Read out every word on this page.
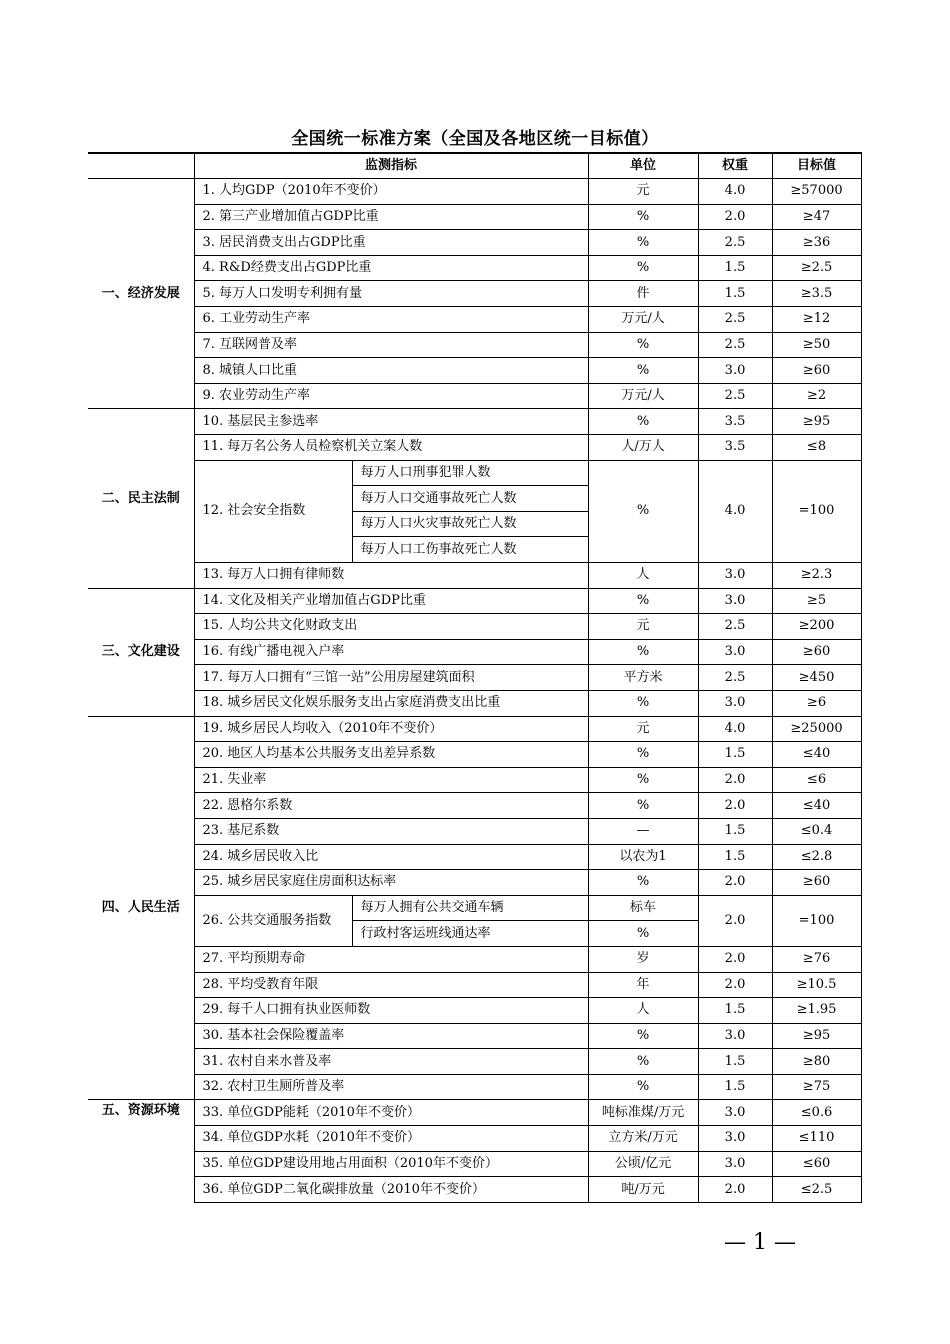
全国统一标准方案（全国及各地区统一目标值）
	监测指标		单位	权重	目标值
一、经济发展	1. 人均GDP（2010年不变价）		元	4.0	≥57000
	2. 第三产业增加值占GDP比重		%	2.0	≥47
	3. 居民消费支出占GDP比重		%	2.5	≥36
	4. R&D经费支出占GDP比重		%	1.5	≥2.5
	5. 每万人口发明专利拥有量		件	1.5	≥3.5
	6. 工业劳动生产率		万元/人	2.5	≥12
	7. 互联网普及率		%	2.5	≥50
	8. 城镇人口比重		%	3.0	≥60
	9. 农业劳动生产率		万元/人	2.5	≥2
二、民主法制	10. 基层民主参选率		%	3.5	≥95
	11. 每万名公务人员检察机关立案人数		人/万人	3.5	≤8
	12. 社会安全指数	每万人口刑事犯罪人数	%	4.0	=100
		每万人口交通事故死亡人数			
		每万人口火灾事故死亡人数			
		每万人口工伤事故死亡人数			
	13. 每万人口拥有律师数		人	3.0	≥2.3
三、文化建设	14. 文化及相关产业增加值占GDP比重		%	3.0	≥5
	15. 人均公共文化财政支出		元	2.5	≥200
	16. 有线广播电视入户率		%	3.0	≥60
	17. 每万人口拥有“三馆一站”公用房屋建筑面积		平方米	2.5	≥450
	18. 城乡居民文化娱乐服务支出占家庭消费支出比重		%	3.0	≥6
四、人民生活	19. 城乡居民人均收入（2010年不变价）		元	4.0	≥25000
	20. 地区人均基本公共服务支出差异系数		%	1.5	≤40
	21. 失业率		%	2.0	≤6
	22. 恩格尔系数		%	2.0	≤40
	23. 基尼系数		—	1.5	≤0.4
	24. 城乡居民收入比		以农为1	1.5	≤2.8
	25. 城乡居民家庭住房面积达标率		%	2.0	≥60
	26. 公共交通服务指数	每万人拥有公共交通车辆	标车	2.0	=100
		行政村客运班线通达率	%		
	27. 平均预期寿命		岁	2.0	≥76
	28. 平均受教育年限		年	2.0	≥10.5
	29. 每千人口拥有执业医师数		人	1.5	≥1.95
	30. 基本社会保险覆盖率		%	3.0	≥95
	31. 农村自来水普及率		%	1.5	≥80
	32. 农村卫生厕所普及率		%	1.5	≥75
五、资源环境	33. 单位GDP能耗（2010年不变价）		吨标准煤/万元	3.0	≤0.6
	34. 单位GDP水耗（2010年不变价）		立方米/万元	3.0	≤110
	35. 单位GDP建设用地占用面积（2010年不变价）		公顷/亿元	3.0	≤60
	36. 单位GDP二氧化碳排放量（2010年不变价）		吨/万元	2.0	≤2.5
— 1 —
